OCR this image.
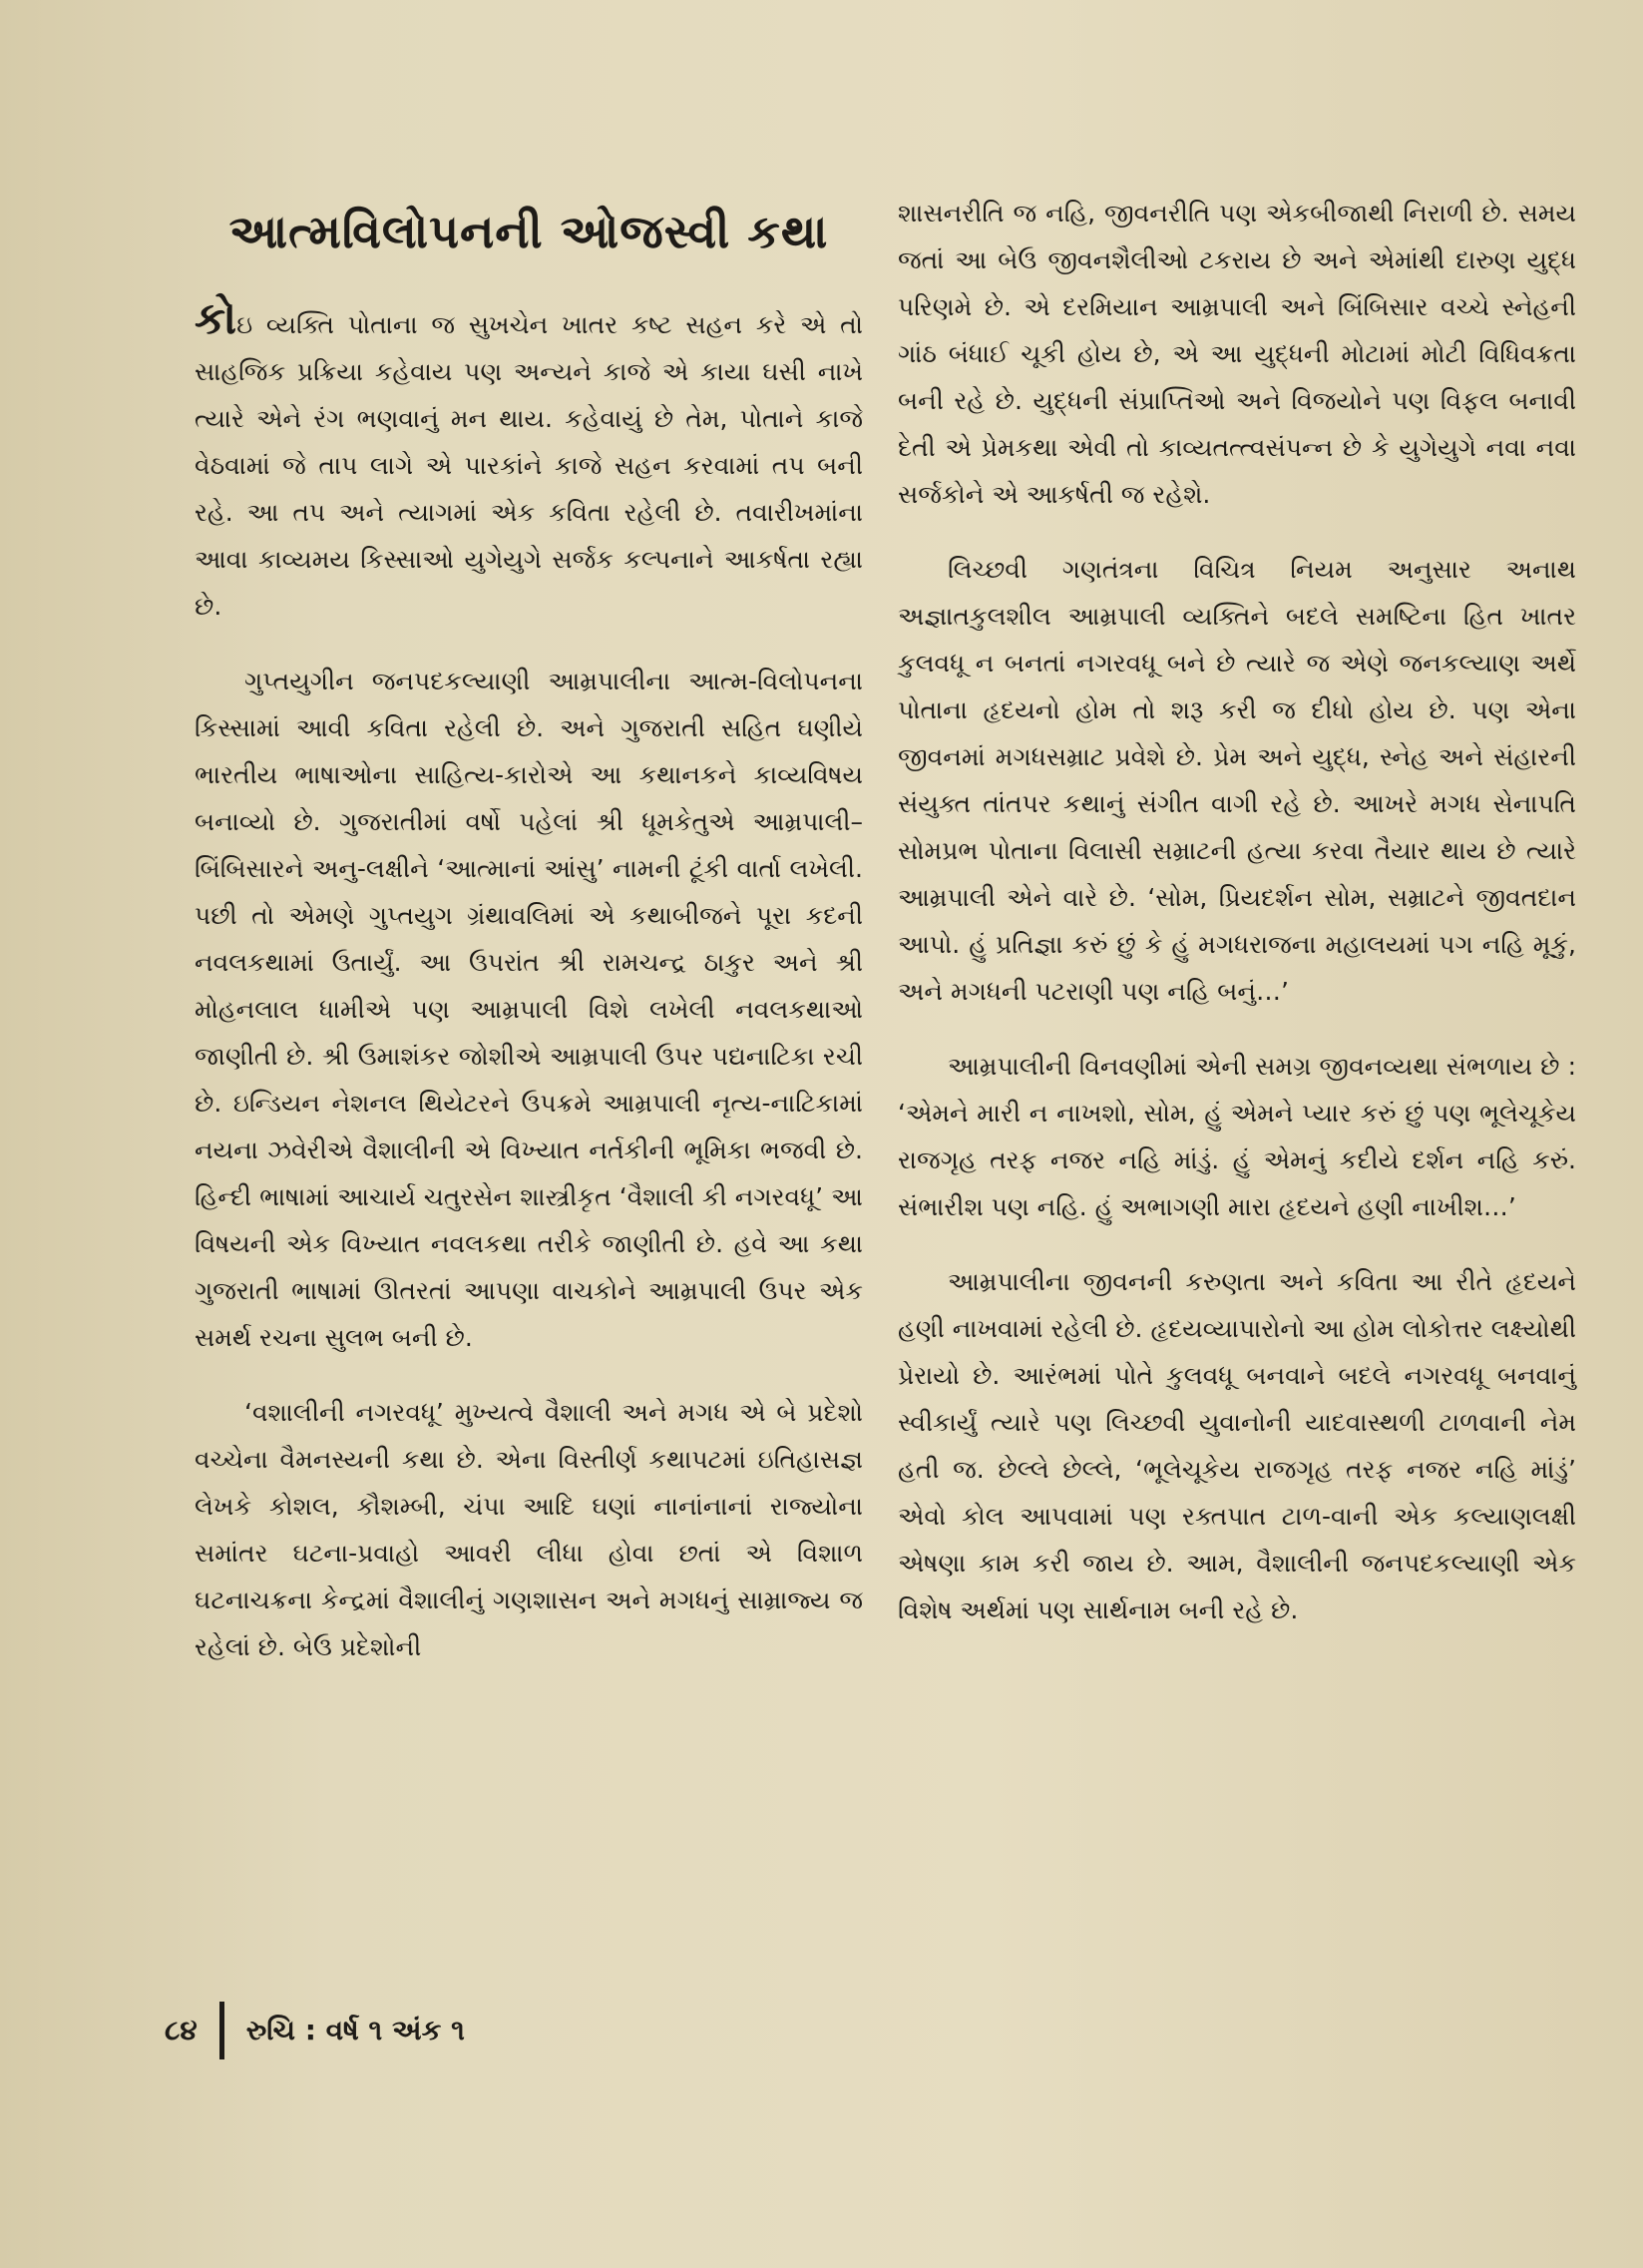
આત્મવિલોપનની ઓજસ્વી કથા

કોઇ વ્યક્તિ પોતાના જ સુખચેન ખાતર કષ્ટ સહન કરે એ તો સાહજિક પ્રક્રિયા કહેવાય પણ અન્યને કાજે એ કાયા ઘસી નાખે ત્યારે એને રંગ ભણવાનું મન થાય. કહેવાયું છે તેમ, પોતાને કાજે વેઠવામાં જે તાપ લાગે એ પારકાંને કાજે સહન કરવામાં તપ બની રહે. આ તપ અને ત્યાગમાં એક કવિતા રહેલી છે. તવારીખમાંના આવા કાવ્યમય કિસ્સાઓ યુગેયુગે સર્જક કલ્પનાને આકર્ષતા રહ્યા છે.

ગુપ્તયુગીન જનપદકલ્યાણી આમ્રપાલીના આત્મ-વિલોપનના કિસ્સામાં આવી કવિતા રહેલી છે. અને ગુજરાતી સહિત ઘણીયે ભારતીય ભાષાઓના સાહિત્ય-કારોએ આ કથાનકને કાવ્યવિષય બનાવ્યો છે. ગુજરાતીમાં વર્ષો પહેલાં શ્રી ધૂમકેતુએ આમ્રપાલી–બિંબિસારને અનુ-લક્ષીને ‘આત્માનાં આંસુ’ નામની ટૂંકી વાર્તા લખેલી. પછી તો એમણે ગુપ્તયુગ ગ્રંથાવલિમાં એ કથાબીજને પૂરા કદની નવલકથામાં ઉતાર્યું. આ ઉપરાંત શ્રી રામચન્દ્ર ઠાકુર અને શ્રી મોહનલાલ ધામીએ પણ આમ્રપાલી વિશે લખેલી નવલકથાઓ જાણીતી છે. શ્રી ઉમાશંકર જોશીએ આમ્રપાલી ઉપર પદ્યનાટિકા રચી છે. ઇન્ડિયન નેશનલ થિયેટરને ઉપક્રમે આમ્રપાલી નૃત્ય-નાટિકામાં નયના ઝવેરીએ વૈશાલીની એ વિખ્યાત નર્તકીની ભૂમિકા ભજવી છે. હિન્દી ભાષામાં આચાર્ય ચતુરસેન શાસ્ત્રીકૃત ‘વૈશાલી કી નગરવધૂ’ આ વિષયની એક વિખ્યાત નવલકથા તરીકે જાણીતી છે. હવે આ કથા ગુજરાતી ભાષામાં ઊતરતાં આપણા વાચકોને આમ્રપાલી ઉપર એક સમર્થ રચના સુલભ બની છે.

‘વશાલીની નગરવધૂ’ મુખ્યત્વે વૈશાલી અને મગધ એ બે પ્રદેશો વચ્ચેના વૈમનસ્યની કથા છે. એના વિસ્તીર્ણ કથાપટમાં ઇતિહાસજ્ઞ લેખકે કોશલ, કૌશમ્બી, ચંપા આદિ ઘણાં નાનાંનાનાં રાજ્યોના સમાંતર ઘટના-પ્રવાહો આવરી લીધા હોવા છતાં એ વિશાળ ઘટનાચક્રના કેન્દ્રમાં વૈશાલીનું ગણશાસન અને મગધનું સામ્રાજ્ય જ રહેલાં છે. બેઉ પ્રદેશોની

શાસનરીતિ જ નહિ, જીવનરીતિ પણ એકબીજાથી નિરાળી છે. સમય જતાં આ બેઉ જીવનશૈલીઓ ટકરાય છે અને એમાંથી દારુણ યુદ્ધ પરિણમે છે. એ દરમિયાન આમ્રપાલી અને બિંબિસાર વચ્ચે સ્નેહની ગાંઠ બંધાઈ ચૂકી હોય છે, એ આ યુદ્ધની મોટામાં મોટી વિધિવક્રતા બની રહે છે. યુદ્ધની સંપ્રાપ્તિઓ અને વિજયોને પણ વિફલ બનાવી દેતી એ પ્રેમકથા એવી તો કાવ્યતત્ત્વસંપન્ન છે કે યુગેયુગે નવા નવા સર્જકોને એ આકર્ષતી જ રહેશે.

લિચ્છવી ગણતંત્રના વિચિત્ર નિયમ અનુસાર અનાથ અજ્ઞાતકુલશીલ આમ્રપાલી વ્યક્તિને બદલે સમષ્ટિના હિત ખાતર કુલવધૂ ન બનતાં નગરવધૂ બને છે ત્યારે જ એણે જનકલ્યાણ અર્થે પોતાના હૃદયનો હોમ તો શરૂ કરી જ દીધો હોય છે. પણ એના જીવનમાં મગધસમ્રાટ પ્રવેશે છે. પ્રેમ અને યુદ્ધ, સ્નેહ અને સંહારની સંયુક્ત તાંતપર કથાનું સંગીત વાગી રહે છે. આખરે મગધ સેનાપતિ સોમપ્રભ પોતાના વિલાસી સમ્રાટની હત્યા કરવા તૈયાર થાય છે ત્યારે આમ્રપાલી એને વારે છે. ‘સોમ, પ્રિયદર્શન સોમ, સમ્રાટને જીવતદાન આપો. હું પ્રતિજ્ઞા કરું છું કે હું મગધરાજના મહાલયમાં પગ નહિ મૂકું, અને મગધની પટરાણી પણ નહિ બનું…’

આમ્રપાલીની વિનવણીમાં એની સમગ્ર જીવનવ્યથા સંભળાય છે : ‘એમને મારી ન નાખશો, સોમ, હું એમને પ્યાર કરું છું પણ ભૂલેચૂકેય રાજગૃહ તરફ નજર નહિ માંડું. હું એમનું કદીયે દર્શન નહિ કરું. સંભારીશ પણ નહિ. હું અભાગણી મારા હૃદયને હણી નાખીશ…’

આમ્રપાલીના જીવનની કરુણતા અને કવિતા આ રીતે હૃદયને હણી નાખવામાં રહેલી છે. હૃદયવ્યાપારોનો આ હોમ લોકોત્તર લક્ષ્યોથી પ્રેરાયો છે. આરંભમાં પોતે કુલવધૂ બનવાને બદલે નગરવધૂ બનવાનું સ્વીકાર્યું ત્યારે પણ લિચ્છવી યુવાનોની યાદવાસ્થળી ટાળવાની નેમ હતી જ. છેલ્લે છેલ્લે, ‘ભૂલેચૂકેય રાજગૃહ તરફ નજર નહિ માંડું’ એવો કોલ આપવામાં પણ રક્તપાત ટાળ-વાની એક કલ્યાણલક્ષી એષણા કામ કરી જાય છે. આમ, વૈશાલીની જનપદકલ્યાણી એક વિશેષ અર્થમાં પણ સાર્થનામ બની રહે છે.

૮૪ રુચિ : વર્ષ ૧ અંક ૧
